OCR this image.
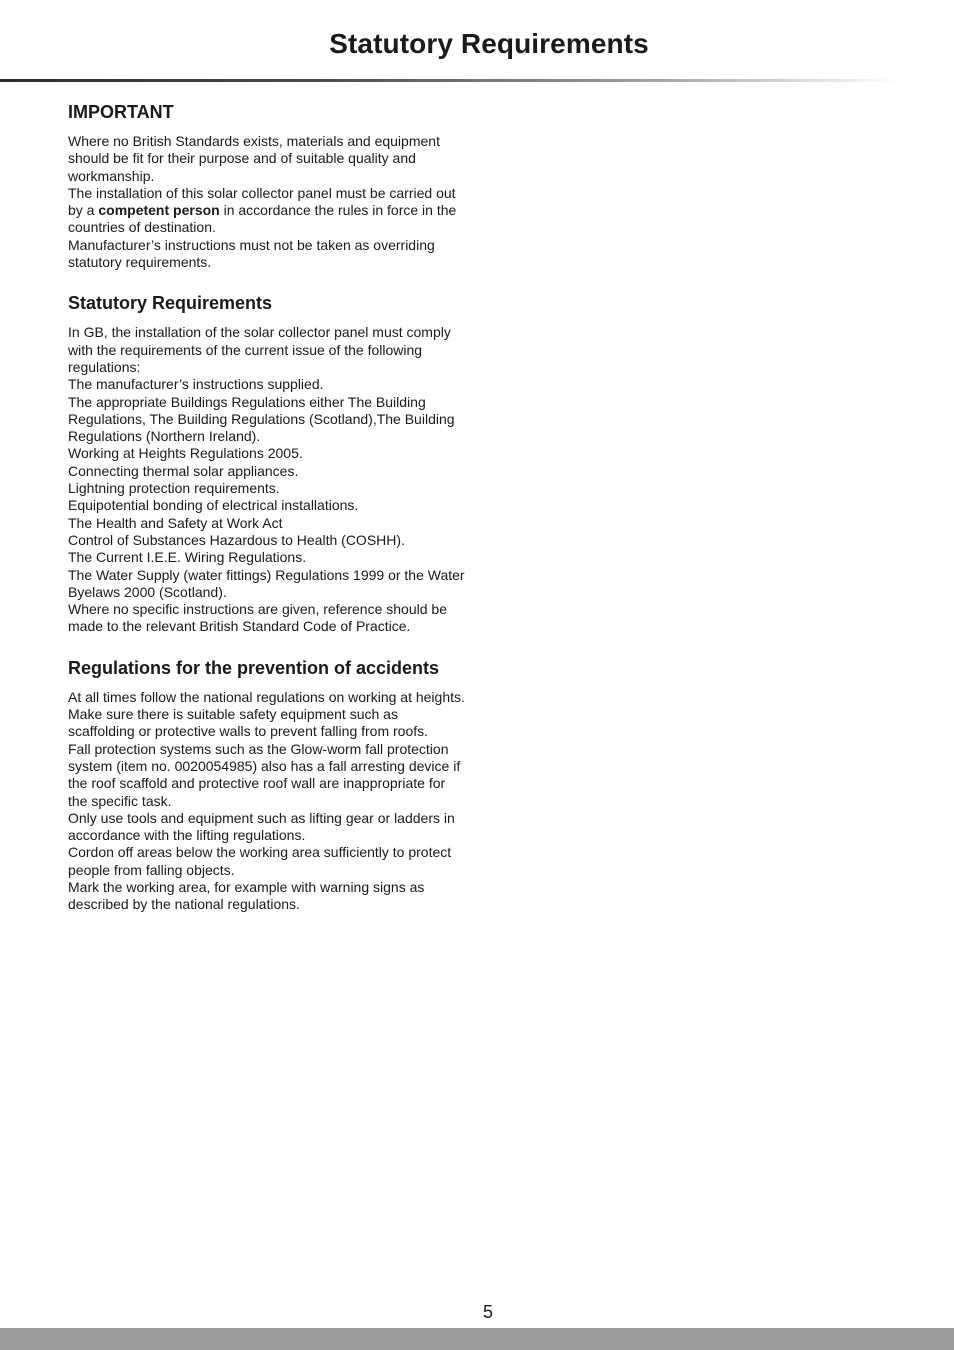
Statutory Requirements
IMPORTANT

Where no British Standards exists, materials and equipment should be fit for their purpose and of suitable quality and workmanship.

The installation of this solar collector panel must be carried out by a competent person in accordance the rules in force in the countries of destination.

Manufacturer’s instructions must not be taken as overriding statutory requirements.

Statutory Requirements

In GB, the installation of the solar collector panel must comply with the requirements of the current issue of the following regulations:

The manufacturer’s instructions supplied.

The appropriate Buildings Regulations either The Building Regulations, The Building Regulations (Scotland),The Building Regulations (Northern Ireland).

Working at Heights Regulations 2005.

Connecting thermal solar appliances.

Lightning protection requirements.

Equipotential bonding of electrical installations.

The Health and Safety at Work Act

Control of Substances Hazardous to Health (COSHH).

The Current I.E.E. Wiring Regulations.

The Water Supply (water fittings) Regulations 1999 or the Water Byelaws 2000 (Scotland).

Where no specific instructions are given, reference should be made to the relevant British Standard Code of Practice.

Regulations for the prevention of accidents

At all times follow the national regulations on working at heights.

Make sure there is suitable safety equipment such as scaffolding or protective walls to prevent falling from roofs.

Fall protection systems such as the Glow-worm fall protection system (item no. 0020054985) also has a fall arresting device if the roof scaffold and protective roof wall are inappropriate for the specific task.

Only use tools and equipment such as lifting gear or ladders in accordance with the lifting regulations.

Cordon off areas below the working area sufficiently to protect people from falling objects.

Mark the working area, for example with warning signs as described by the national regulations.

5
